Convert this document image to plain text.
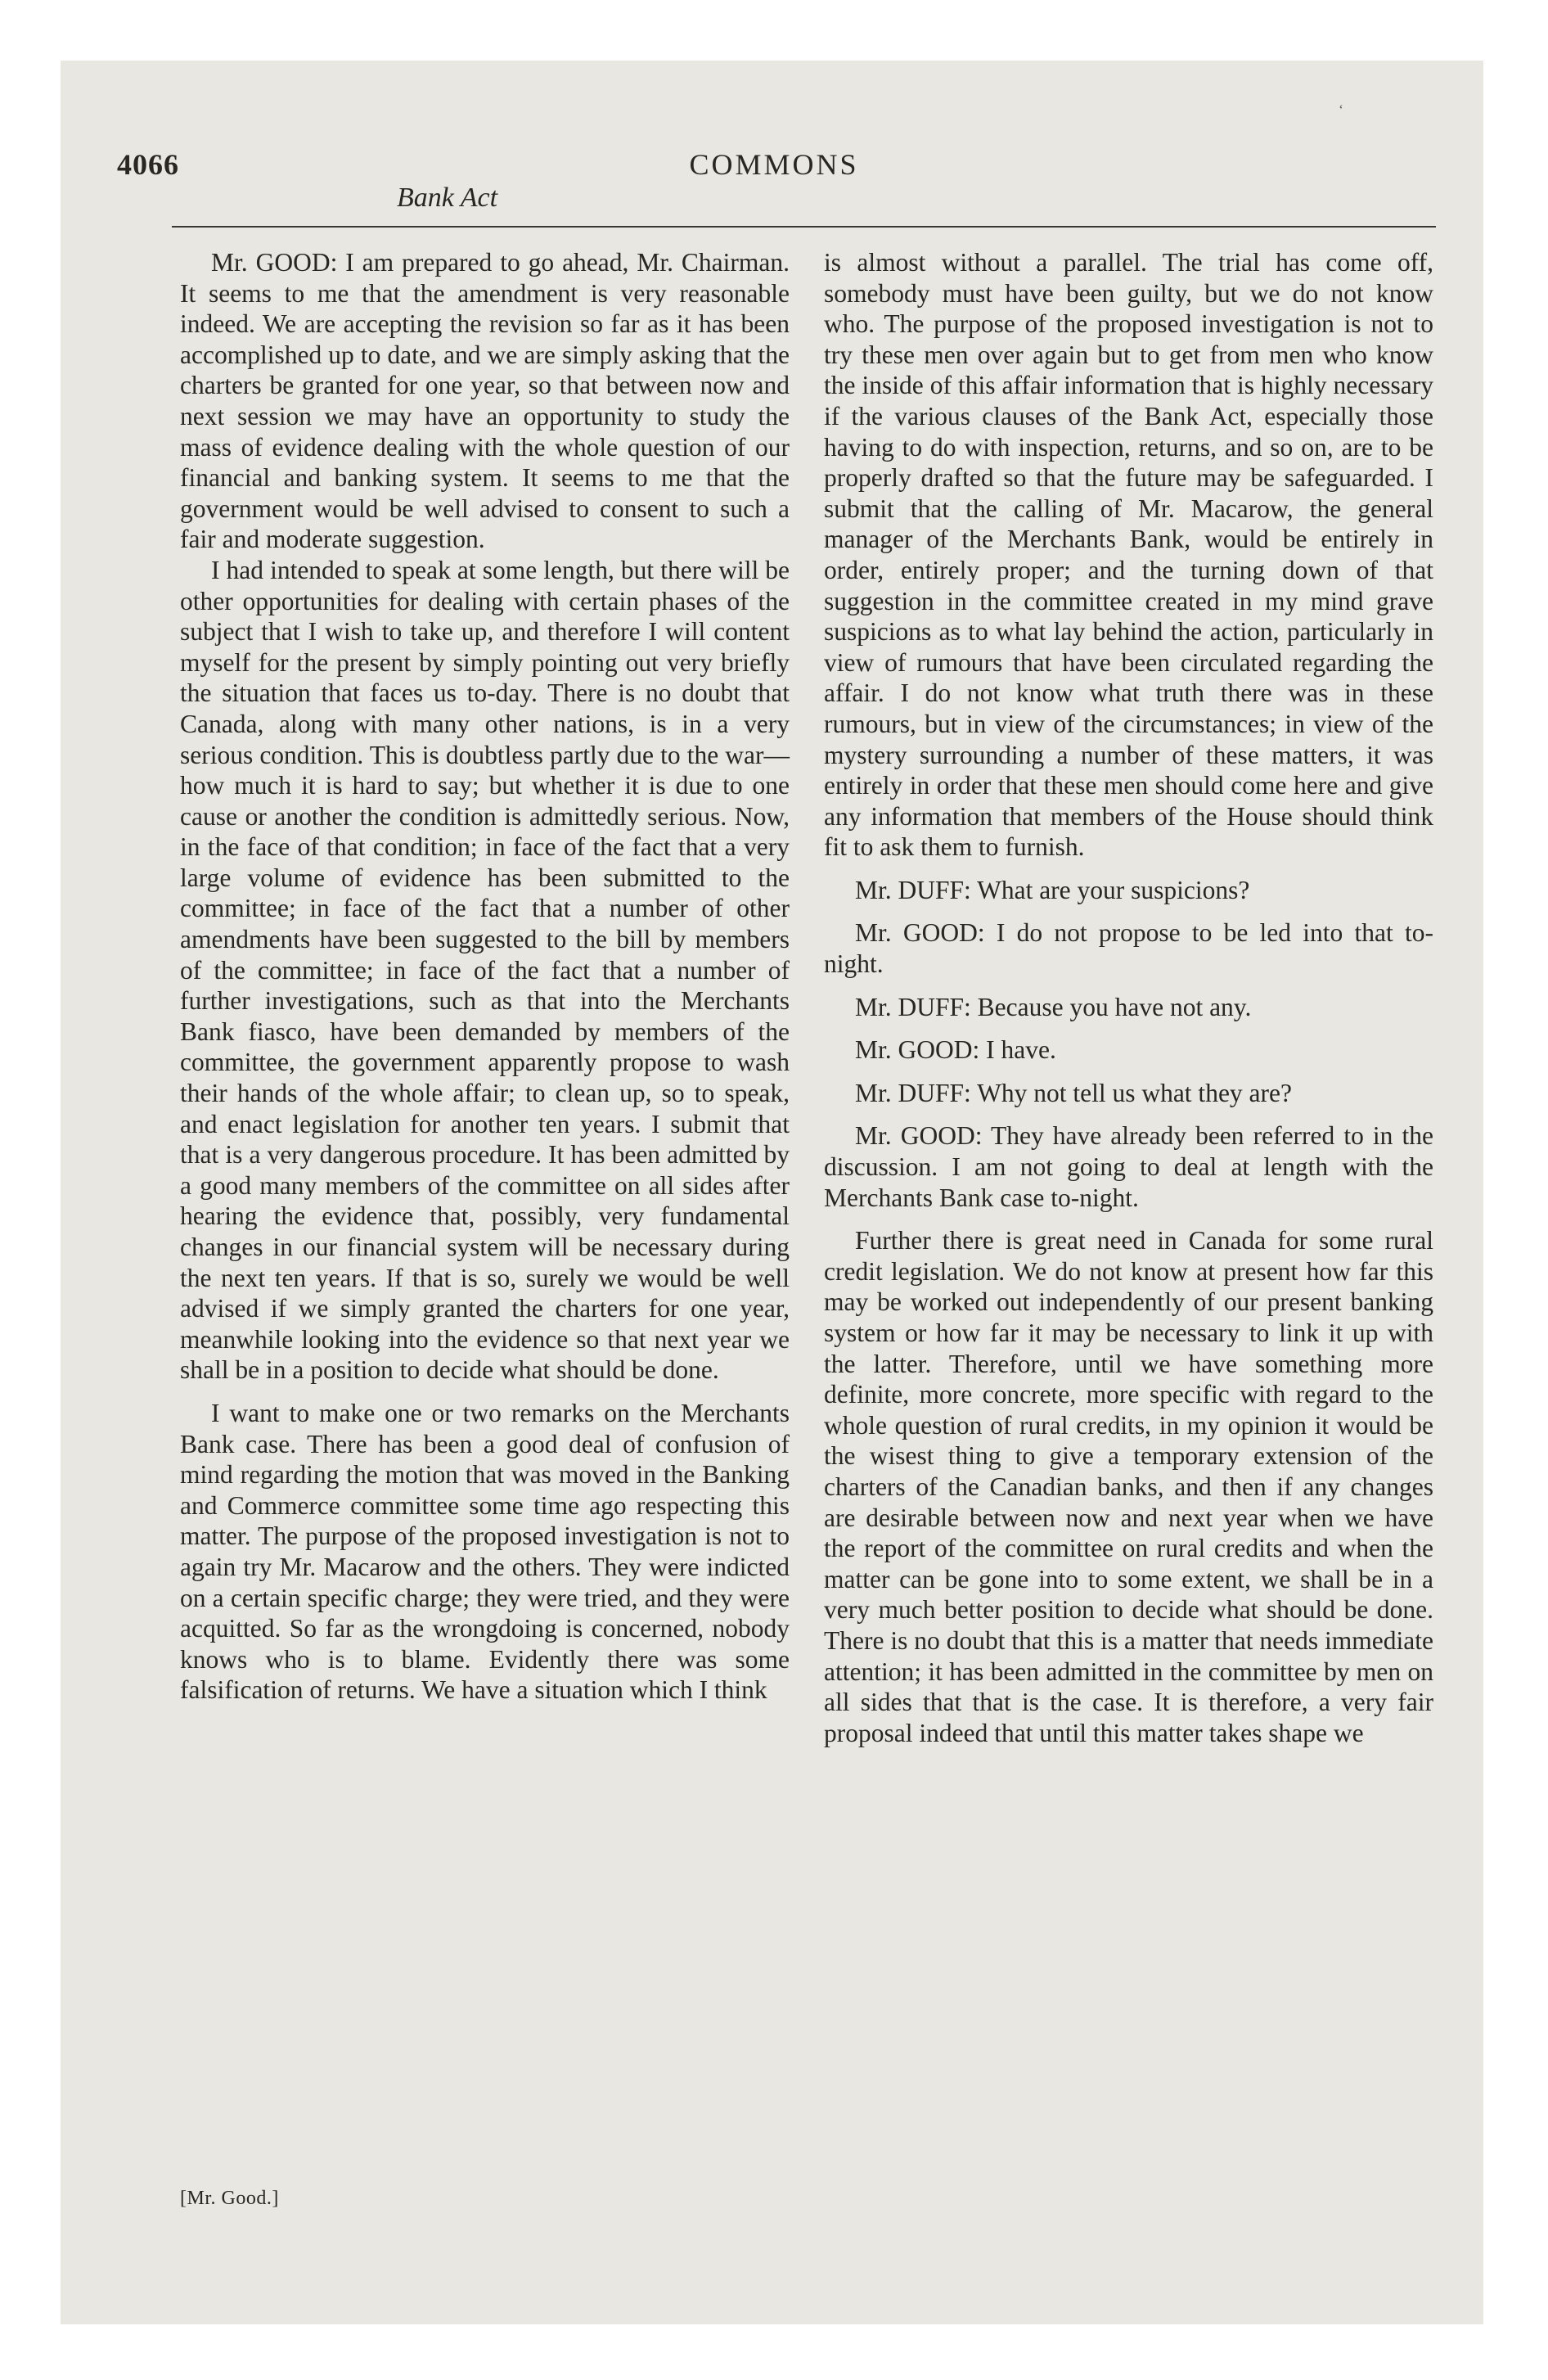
‘
4066	COMMONS
Bank Act

Mr. GOOD: I am prepared to go ahead, Mr. Chairman. It seems to me that the amendment is very reasonable indeed. We are accepting the revision so far as it has been accomplished up to date, and we are simply asking that the charters be granted for one year, so that between now and next session we may have an opportunity to study the mass of evidence dealing with the whole question of our financial and banking system. It seems to me that the government would be well advised to consent to such a fair and moderate suggestion.

I had intended to speak at some length, but there will be other opportunities for dealing with certain phases of the subject that I wish to take up, and therefore I will content myself for the present by simply pointing out very briefly the situation that faces us to-day. There is no doubt that Canada, along with many other nations, is in a very serious condition. This is doubtless partly due to the war—how much it is hard to say; but whether it is due to one cause or another the condition is admittedly serious. Now, in the face of that condition; in face of the fact that a very large volume of evidence has been submitted to the committee; in face of the fact that a number of other amendments have been suggested to the bill by members of the committee; in face of the fact that a number of further investigations, such as that into the Merchants Bank fiasco, have been demanded by members of the committee, the government apparently propose to wash their hands of the whole affair; to clean up, so to speak, and enact legislation for another ten years. I submit that that is a very dangerous procedure. It has been admitted by a good many members of the committee on all sides after hearing the evidence that, possibly, very fundamental changes in our financial system will be necessary during the next ten years. If that is so, surely we would be well advised if we simply granted the charters for one year, meanwhile looking into the evidence so that next year we shall be in a position to decide what should be done.

I want to make one or two remarks on the Merchants Bank case. There has been a good deal of confusion of mind regarding the motion that was moved in the Banking and Commerce committee some time ago respecting this matter. The purpose of the proposed investigation is not to again try Mr. Macarow and the others. They were indicted on a certain specific charge; they were tried, and they were acquitted. So far as the wrongdoing is concerned, nobody knows who is to blame. Evidently there was some falsification of returns. We have a situation which I think

is almost without a parallel. The trial has come off, somebody must have been guilty, but we do not know who. The purpose of the proposed investigation is not to try these men over again but to get from men who know the inside of this affair information that is highly necessary if the various clauses of the Bank Act, especially those having to do with inspection, returns, and so on, are to be properly drafted so that the future may be safeguarded. I submit that the calling of Mr. Macarow, the general manager of the Merchants Bank, would be entirely in order, entirely proper; and the turning down of that suggestion in the committee created in my mind grave suspicions as to what lay behind the action, particularly in view of rumours that have been circulated regarding the affair. I do not know what truth there was in these rumours, but in view of the circumstances; in view of the mystery surrounding a number of these matters, it was entirely in order that these men should come here and give any information that members of the House should think fit to ask them to furnish.

Mr. DUFF: What are your suspicions?

Mr. GOOD: I do not propose to be led into that to-night.

Mr. DUFF: Because you have not any.

Mr. GOOD: I have.

Mr. DUFF: Why not tell us what they are?

Mr. GOOD: They have already been referred to in the discussion. I am not going to deal at length with the Merchants Bank case to-night.

Further there is great need in Canada for some rural credit legislation. We do not know at present how far this may be worked out independently of our present banking system or how far it may be necessary to link it up with the latter. Therefore, until we have something more definite, more concrete, more specific with regard to the whole question of rural credits, in my opinion it would be the wisest thing to give a temporary extension of the charters of the Canadian banks, and then if any changes are desirable between now and next year when we have the report of the committee on rural credits and when the matter can be gone into to some extent, we shall be in a very much better position to decide what should be done. There is no doubt that this is a matter that needs immediate attention; it has been admitted in the committee by men on all sides that that is the case. It is therefore, a very fair proposal indeed that until this matter takes shape we

[Mr. Good.]
